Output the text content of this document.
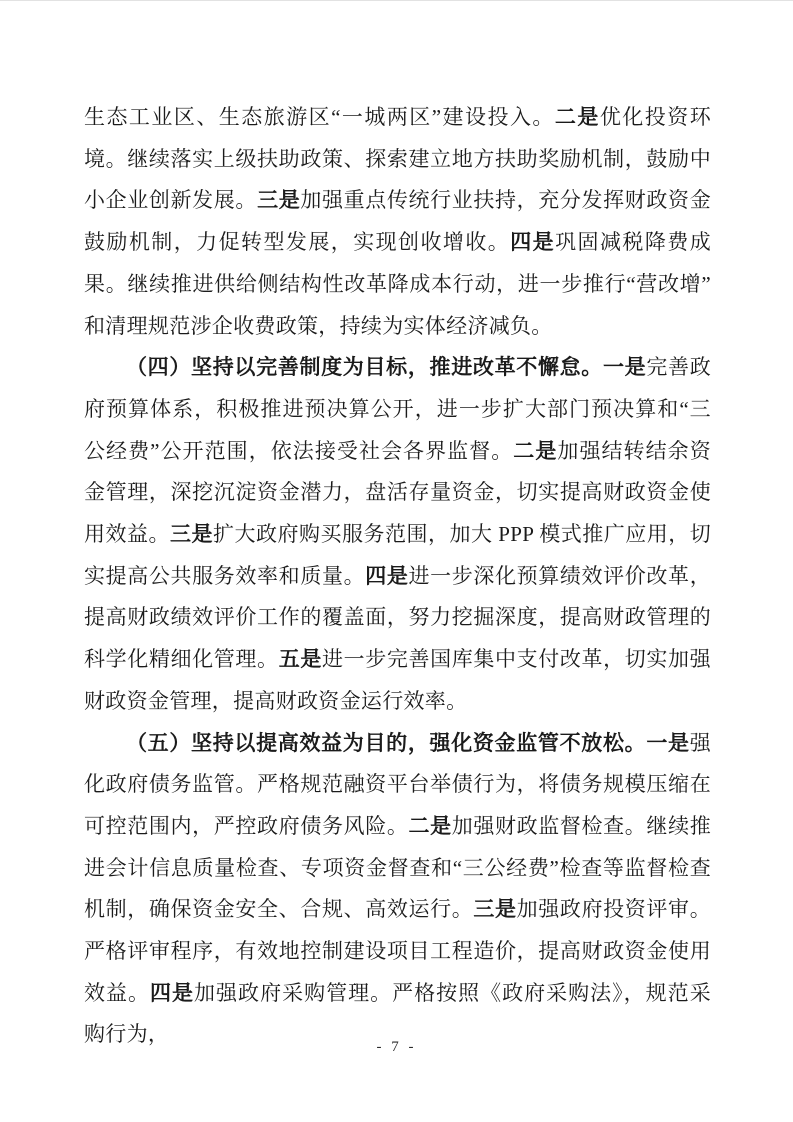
生态工业区、生态旅游区“一城两区”建设投入。二是优化投资环境。继续落实上级扶助政策、探索建立地方扶助奖励机制，鼓励中小企业创新发展。三是加强重点传统行业扶持，充分发挥财政资金鼓励机制，力促转型发展，实现创收增收。四是巩固减税降费成果。继续推进供给侧结构性改革降成本行动，进一步推行“营改增”和清理规范涉企收费政策，持续为实体经济减负。

（四）坚持以完善制度为目标，推进改革不懈怠。一是完善政府预算体系，积极推进预决算公开，进一步扩大部门预决算和“三公经费”公开范围，依法接受社会各界监督。二是加强结转结余资金管理，深挖沉淀资金潜力，盘活存量资金，切实提高财政资金使用效益。三是扩大政府购买服务范围，加大 PPP 模式推广应用，切实提高公共服务效率和质量。四是进一步深化预算绩效评价改革，提高财政绩效评价工作的覆盖面，努力挖掘深度，提高财政管理的科学化精细化管理。五是进一步完善国库集中支付改革，切实加强财政资金管理，提高财政资金运行效率。

（五）坚持以提高效益为目的，强化资金监管不放松。一是强化政府债务监管。严格规范融资平台举债行为，将债务规模压缩在可控范围内，严控政府债务风险。二是加强财政监督检查。继续推进会计信息质量检查、专项资金督查和“三公经费”检查等监督检查机制，确保资金安全、合规、高效运行。三是加强政府投资评审。严格评审程序，有效地控制建设项目工程造价，提高财政资金使用效益。四是加强政府采购管理。严格按照《政府采购法》，规范采购行为，

- 7 -
